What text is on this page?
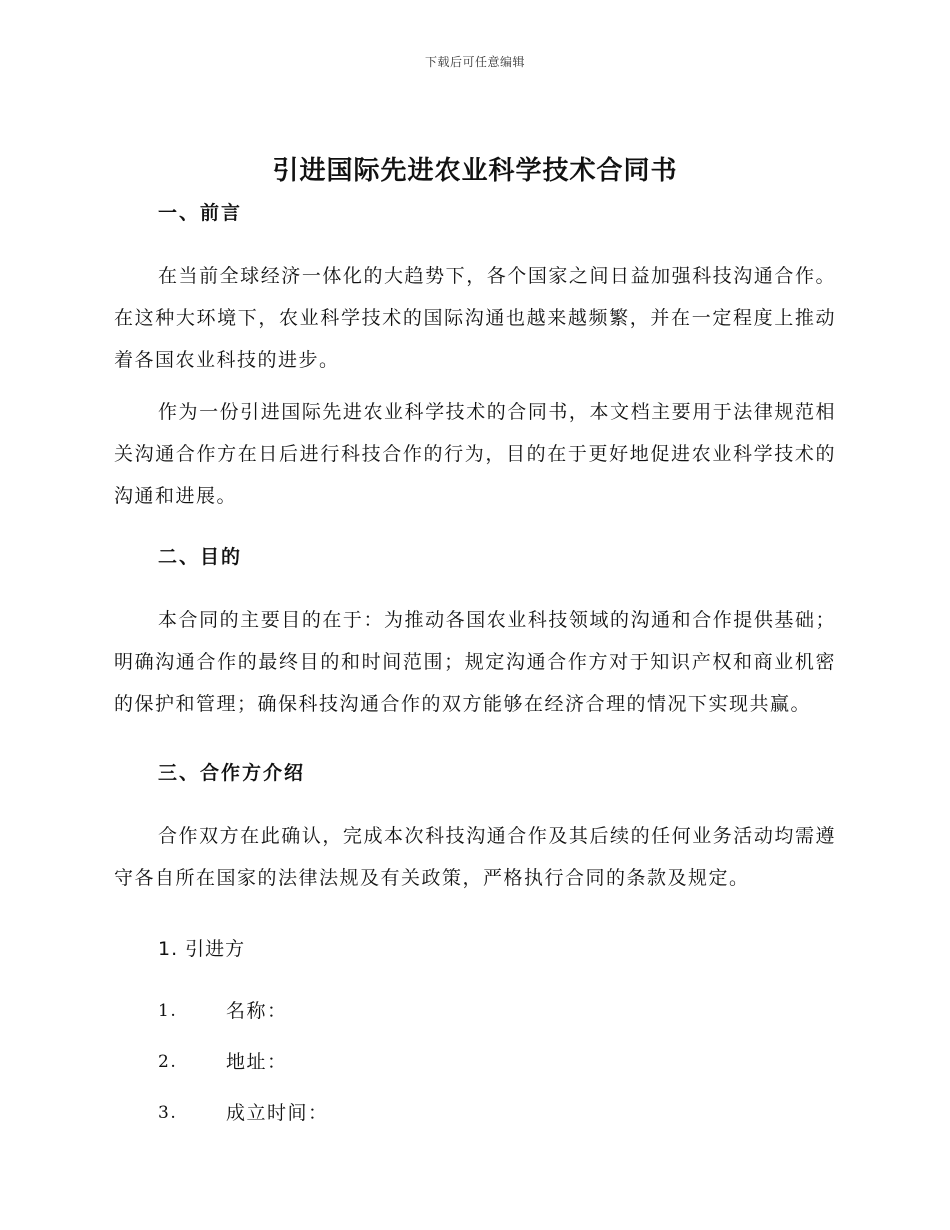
下载后可任意编辑
引进国际先进农业科学技术合同书
一、前言

在当前全球经济一体化的大趋势下，各个国家之间日益加强科技沟通合作。在这种大环境下，农业科学技术的国际沟通也越来越频繁，并在一定程度上推动着各国农业科技的进步。

作为一份引进国际先进农业科学技术的合同书，本文档主要用于法律规范相关沟通合作方在日后进行科技合作的行为，目的在于更好地促进农业科学技术的沟通和进展。

二、目的

本合同的主要目的在于：为推动各国农业科技领域的沟通和合作提供基础；明确沟通合作的最终目的和时间范围；规定沟通合作方对于知识产权和商业机密的保护和管理；确保科技沟通合作的双方能够在经济合理的情况下实现共赢。

三、合作方介绍

合作双方在此确认，完成本次科技沟通合作及其后续的任何业务活动均需遵守各自所在国家的法律法规及有关政策，严格执行合同的条款及规定。

1. 引进方
1.	名称：
2.	地址：
3.	成立时间：
